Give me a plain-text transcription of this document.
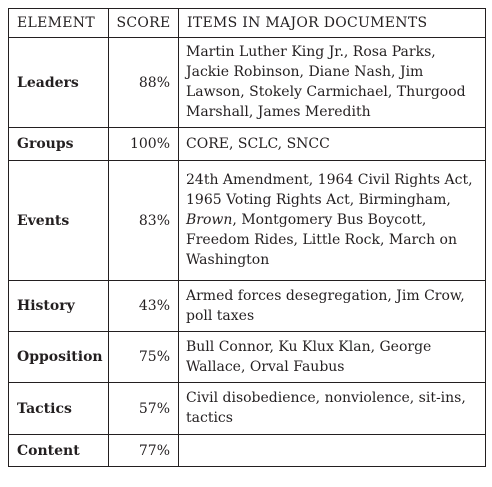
ELEMENT	SCORE	ITEMS IN MAJOR DOCUMENTS
Leaders	88%	Martin Luther King Jr., Rosa Parks, Jackie Robinson, Diane Nash, Jim Lawson, Stokely Carmichael, Thurgood Marshall, James Meredith
Groups	100%	CORE, SCLC, SNCC
Events	83%	24th Amendment, 1964 Civil Rights Act, 1965 Voting Rights Act, Birmingham, Brown, Montgomery Bus Boycott, Freedom Rides, Little Rock, March on Washington
History	43%	Armed forces desegregation, Jim Crow, poll taxes
Opposition	75%	Bull Connor, Ku Klux Klan, George Wallace, Orval Faubus
Tactics	57%	Civil disobedience, nonviolence, sit-ins, tactics
Content	77%	
